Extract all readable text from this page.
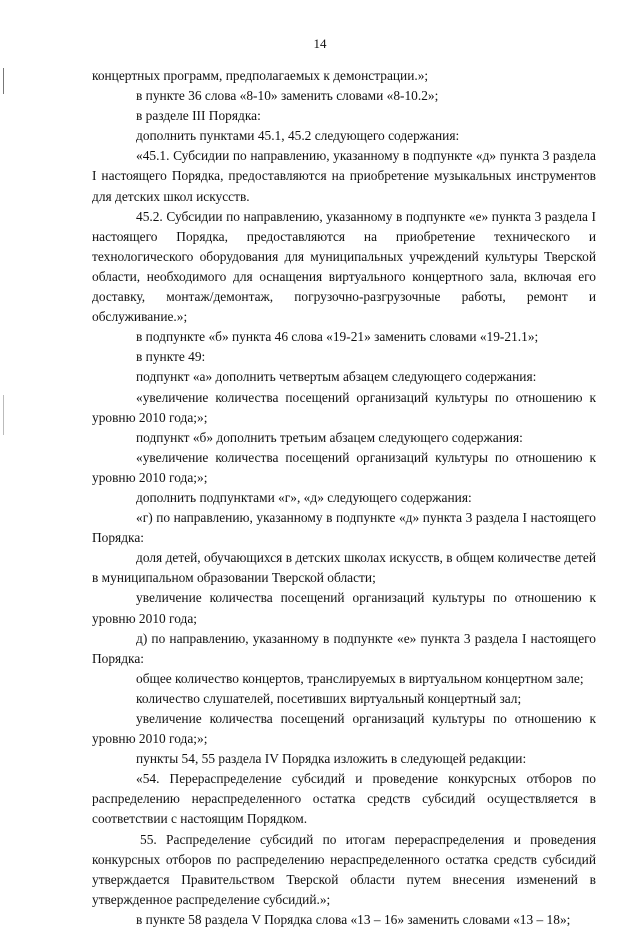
14

концертных программ, предполагаемых к демонстрации.»;

в пункте 36 слова «8-10» заменить словами «8-10.2»;

в разделе III Порядка:

дополнить пунктами 45.1, 45.2 следующего содержания:

«45.1. Субсидии по направлению, указанному в подпункте «д» пункта 3 раздела I настоящего Порядка, предоставляются на приобретение музыкальных инструментов для детских школ искусств.

45.2. Субсидии по направлению, указанному в подпункте «е» пункта 3 раздела I настоящего Порядка, предоставляются на приобретение технического и технологического оборудования для муниципальных учреждений культуры Тверской области, необходимого для оснащения виртуального концертного зала, включая его доставку, монтаж/демонтаж, погрузочно-разгрузочные работы, ремонт и обслуживание.»;

в подпункте «б» пункта 46 слова «19-21» заменить словами «19-21.1»;

в пункте 49:

подпункт «а» дополнить четвертым абзацем следующего содержания:

«увеличение количества посещений организаций культуры по отношению к уровню 2010 года;»;

подпункт «б» дополнить третьим абзацем следующего содержания:

«увеличение количества посещений организаций культуры по отношению к уровню 2010 года;»;

дополнить подпунктами «г», «д» следующего содержания:

«г) по направлению, указанному в подпункте «д» пункта 3 раздела I настоящего Порядка:

доля детей, обучающихся в детских школах искусств, в общем количестве детей в муниципальном образовании Тверской области;

увеличение количества посещений организаций культуры по отношению к уровню 2010 года;

д) по направлению, указанному в подпункте «е» пункта 3 раздела I настоящего Порядка:

общее количество концертов, транслируемых в виртуальном концертном зале;

количество слушателей, посетивших виртуальный концертный зал;

увеличение количества посещений организаций культуры по отношению к уровню 2010 года;»;

пункты 54, 55 раздела IV Порядка изложить в следующей редакции:

«54. Перераспределение субсидий и проведение конкурсных отборов по распределению нераспределенного остатка средств субсидий осуществляется в соответствии с настоящим Порядком.

55. Распределение субсидий по итогам перераспределения и проведения конкурсных отборов по распределению нераспределенного остатка средств субсидий утверждается Правительством Тверской области путем внесения изменений в утвержденное распределение субсидий.»;

в пункте 58 раздела V Порядка слова «13 – 16» заменить словами «13 – 18»;
